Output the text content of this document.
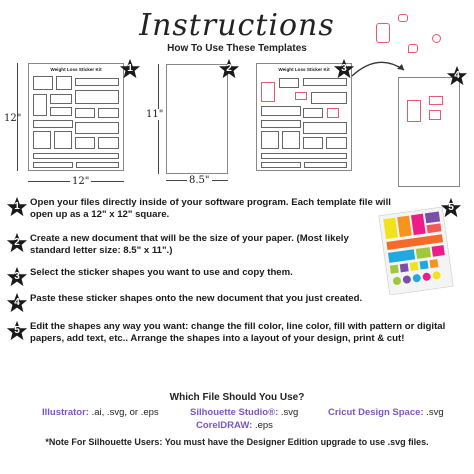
Instructions
How To Use These Templates
Weight Loss Sticker Kit	1
12"
12"
2
11"
8.5"
Weight Loss Sticker Kit	3
4
5
1	Open your files directly inside of your software program. Each template file will open up as a 12" x 12" square.
2	Create a new document that will be the size of your paper. (Most likely standard letter size: 8.5" x 11".)
3	Select the sticker shapes you want to use and copy them.
4	Paste these sticker shapes onto the new document that you just created.
5	Edit the shapes any way you want: change the fill color, line color, fill with pattern or digital papers, add text, etc.. Arrange the shapes into a layout of your design, print & cut!
Which File Should You Use?
Illustrator: .ai, .svg, or .eps	Silhouette Studio®: .svg	Cricut Design Space: .svg
CorelDRAW: .eps
*Note For Silhouette Users: You must have the Designer Edition upgrade to use .svg files.
